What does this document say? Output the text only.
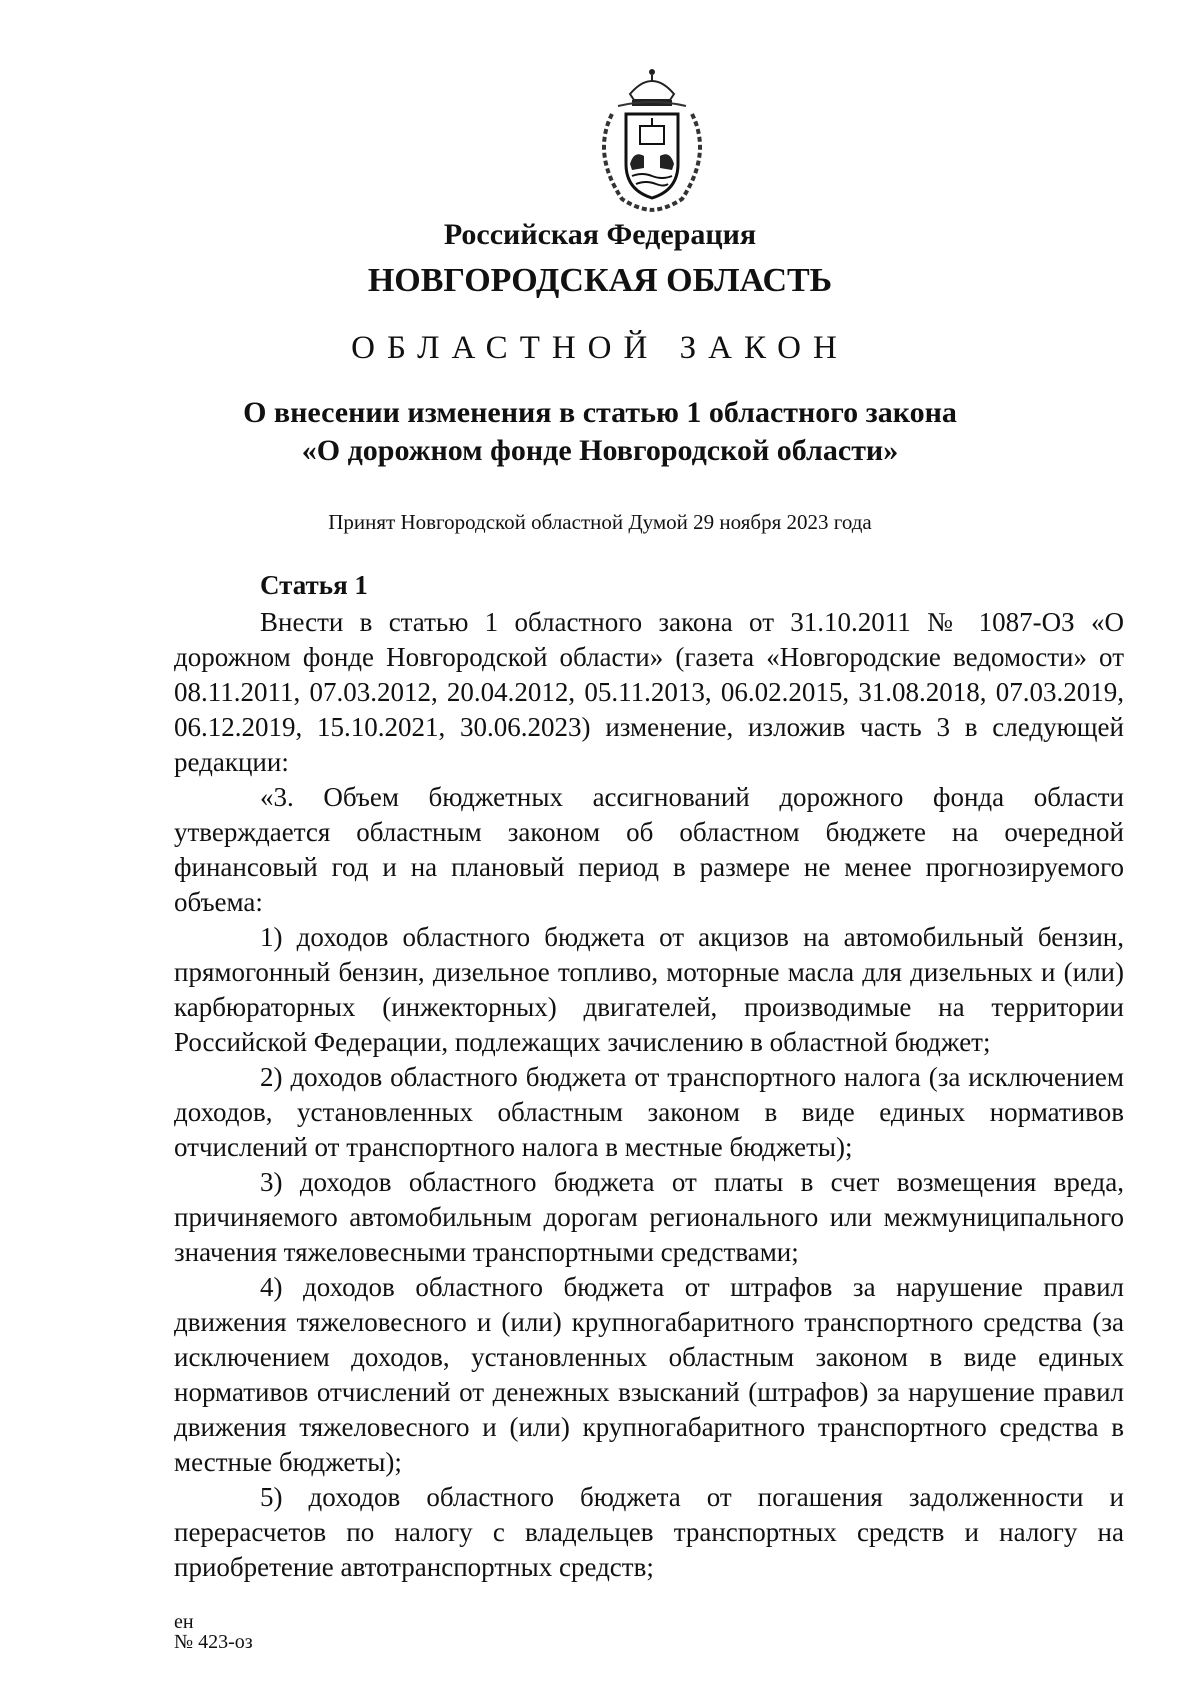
Российская Федерация
НОВГОРОДСКАЯ ОБЛАСТЬ
ОБЛАСТНОЙ ЗАКОН
О внесении изменения в статью 1 областного закона
«О дорожном фонде Новгородской области»
Принят Новгородской областной Думой 29 ноября 2023 года
Статья 1

Внести в статью 1 областного закона от 31.10.2011 № 1087-ОЗ «О дорожном фонде Новгородской области» (газета «Новгородские ведомости» от 08.11.2011, 07.03.2012, 20.04.2012, 05.11.2013, 06.02.2015, 31.08.2018, 07.03.2019, 06.12.2019, 15.10.2021, 30.06.2023) изменение, изложив часть 3 в следующей редакции:

«3. Объем бюджетных ассигнований дорожного фонда области утверждается областным законом об областном бюджете на очередной финансовый год и на плановый период в размере не менее прогнозируемого объема:

1) доходов областного бюджета от акцизов на автомобильный бензин, прямогонный бензин, дизельное топливо, моторные масла для дизельных и (или) карбюраторных (инжекторных) двигателей, производимые на территории Российской Федерации, подлежащих зачислению в областной бюджет;

2) доходов областного бюджета от транспортного налога (за исключением доходов, установленных областным законом в виде единых нормативов отчислений от транспортного налога в местные бюджеты);

3) доходов областного бюджета от платы в счет возмещения вреда, причиняемого автомобильным дорогам регионального или межмуниципального значения тяжеловесными транспортными средствами;

4) доходов областного бюджета от штрафов за нарушение правил движения тяжеловесного и (или) крупногабаритного транспортного средства (за исключением доходов, установленных областным законом в виде единых нормативов отчислений от денежных взысканий (штрафов) за нарушение правил движения тяжеловесного и (или) крупногабаритного транспортного средства в местные бюджеты);

5) доходов областного бюджета от погашения задолженности и перерасчетов по налогу с владельцев транспортных средств и налогу на приобретение автотранспортных средств;

ен
№ 423-оз
